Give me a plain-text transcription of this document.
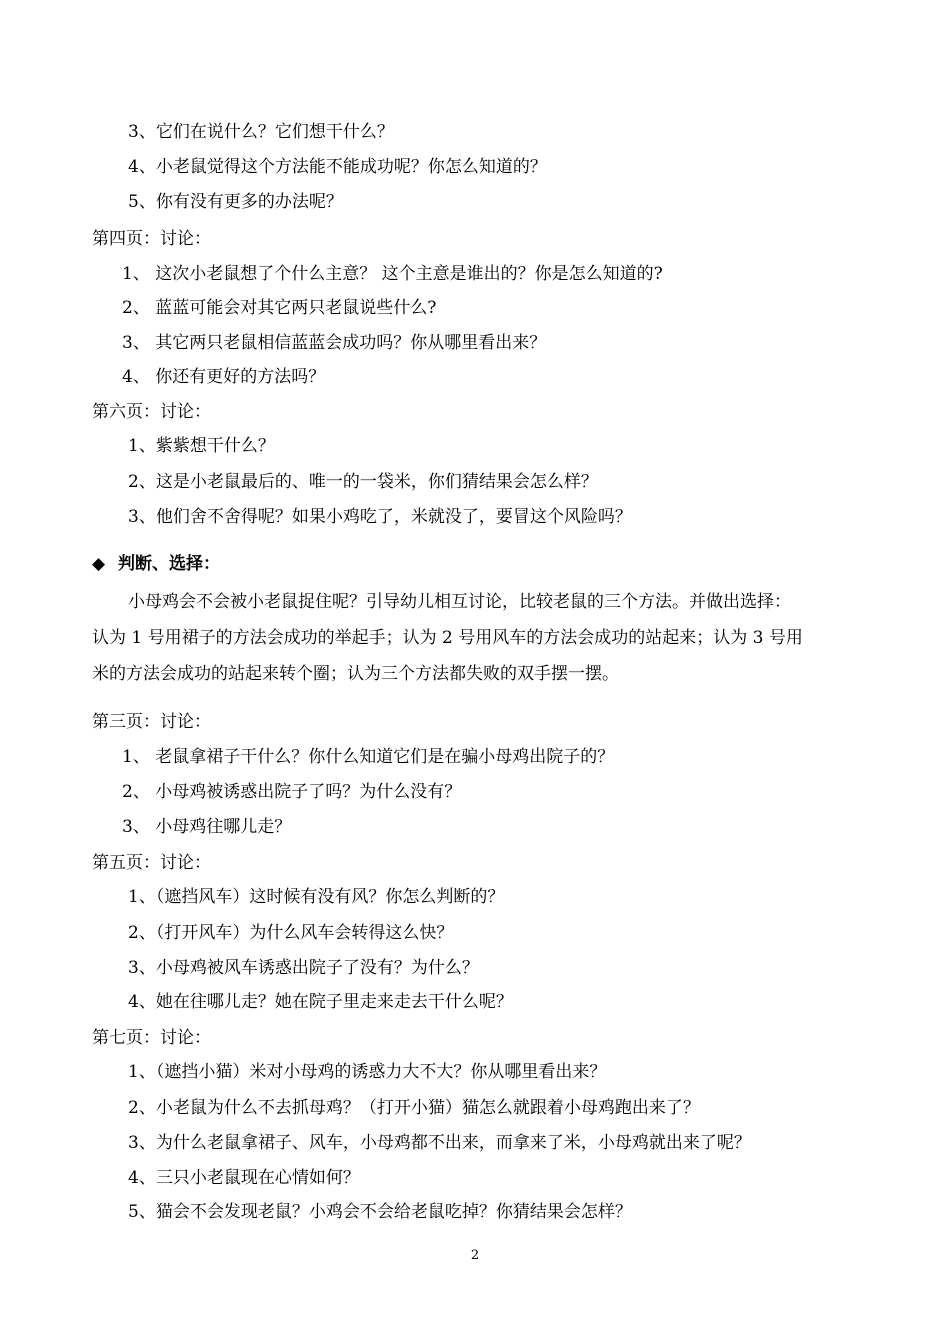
3、它们在说什么？它们想干什么？
4、小老鼠觉得这个方法能不能成功呢？你怎么知道的？
5、你有没有更多的办法呢？
第四页：讨论：
1、 这次小老鼠想了个什么主意？ 这个主意是谁出的？你是怎么知道的?
2、 蓝蓝可能会对其它两只老鼠说些什么?
3、 其它两只老鼠相信蓝蓝会成功吗？你从哪里看出来？
4、 你还有更好的方法吗？
第六页：讨论：
1、紫紫想干什么？
2、这是小老鼠最后的、唯一的一袋米，你们猜结果会怎么样？
3、他们舍不舍得呢？如果小鸡吃了，米就没了，要冒这个风险吗？
◆ 判断、选择：
小母鸡会不会被小老鼠捉住呢？引导幼儿相互讨论，比较老鼠的三个方法。并做出选择：
认为 1 号用裙子的方法会成功的举起手；认为 2 号用风车的方法会成功的站起来；认为 3 号用
米的方法会成功的站起来转个圈；认为三个方法都失败的双手摆一摆。
第三页：讨论：
1、 老鼠拿裙子干什么？你什么知道它们是在骗小母鸡出院子的？
2、 小母鸡被诱惑出院子了吗？为什么没有？
3、 小母鸡往哪儿走？
第五页：讨论：
1、（遮挡风车）这时候有没有风？你怎么判断的？
2、（打开风车）为什么风车会转得这么快？
3、小母鸡被风车诱惑出院子了没有？为什么？
4、她在往哪儿走？她在院子里走来走去干什么呢？
第七页：讨论：
1、（遮挡小猫）米对小母鸡的诱惑力大不大？你从哪里看出来？
2、小老鼠为什么不去抓母鸡？（打开小猫）猫怎么就跟着小母鸡跑出来了？
3、为什么老鼠拿裙子、风车，小母鸡都不出来，而拿来了米，小母鸡就出来了呢？
4、三只小老鼠现在心情如何？
5、猫会不会发现老鼠？小鸡会不会给老鼠吃掉？你猜结果会怎样？
2
